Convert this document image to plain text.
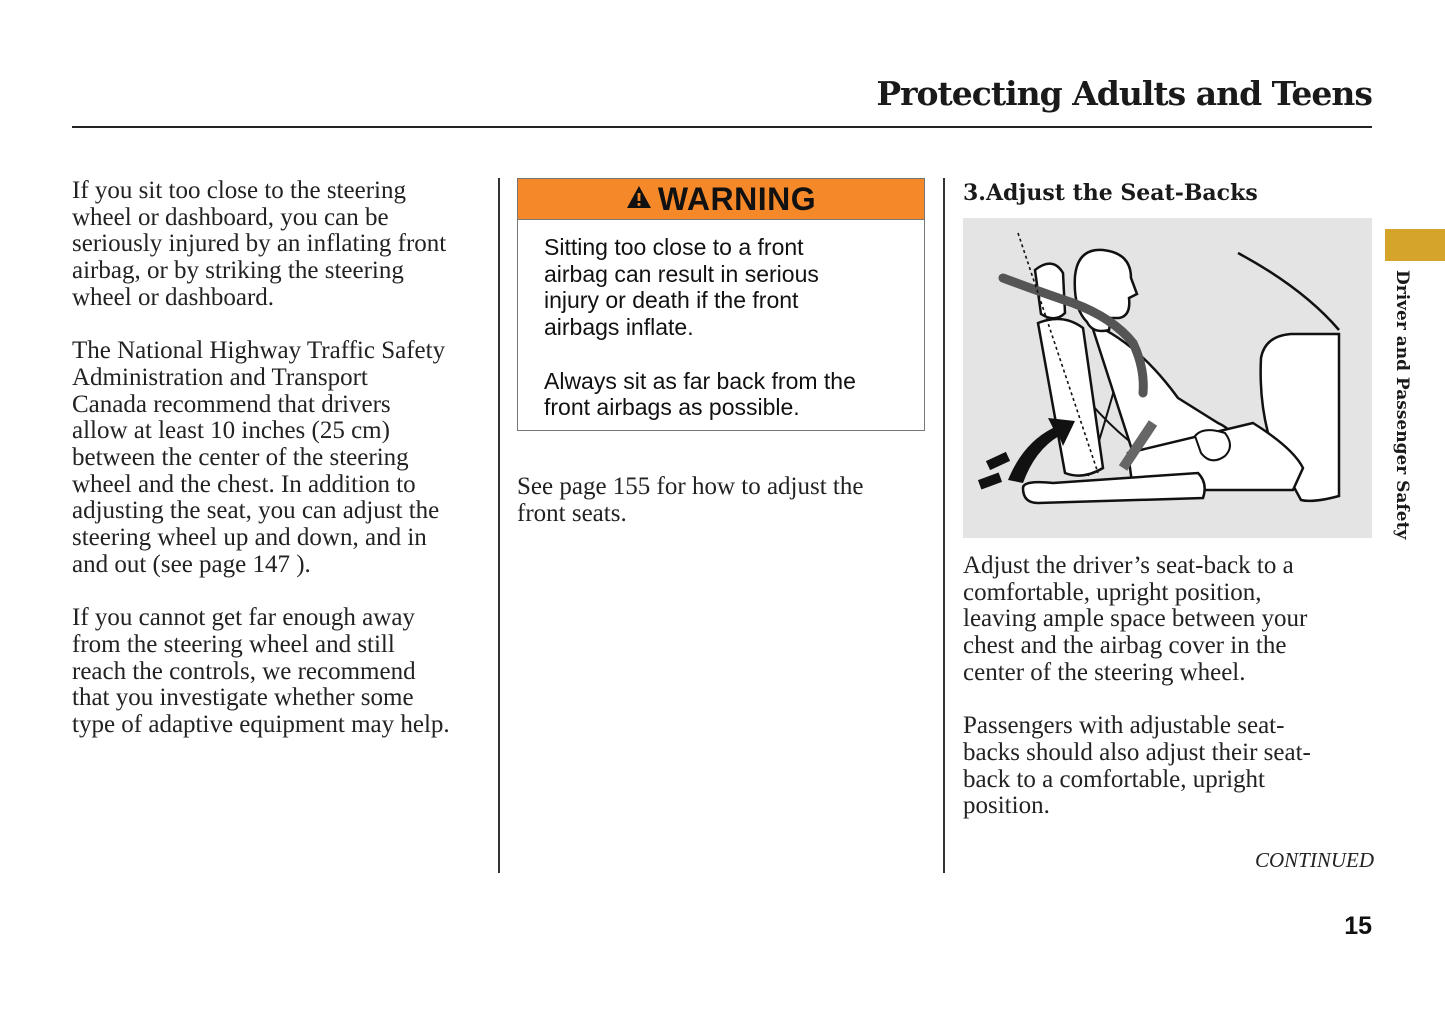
Protecting Adults and Teens

If you sit too close to the steering
wheel or dashboard, you can be
seriously injured by an inflating front
airbag, or by striking the steering
wheel or dashboard.

The National Highway Traffic Safety
Administration and Transport
Canada recommend that drivers
allow at least 10 inches (25 cm)
between the center of the steering
wheel and the chest. In addition to
adjusting the seat, you can adjust the
steering wheel up and down, and in
and out (see page 147 ).

If you cannot get far enough away
from the steering wheel and still
reach the controls, we recommend
that you investigate whether some
type of adaptive equipment may help.

WARNING

Sitting too close to a front
airbag can result in serious
injury or death if the front
airbags inflate.

Always sit as far back from the
front airbags as possible.

See page 155 for how to adjust the
front seats.

3.Adjust the Seat-Backs

Adjust the driver’s seat-back to a
comfortable, upright position,
leaving ample space between your
chest and the airbag cover in the
center of the steering wheel.

Passengers with adjustable seat-
backs should also adjust their seat-
back to a comfortable, upright
position.

Driver and Passenger Safety
CONTINUED
15
